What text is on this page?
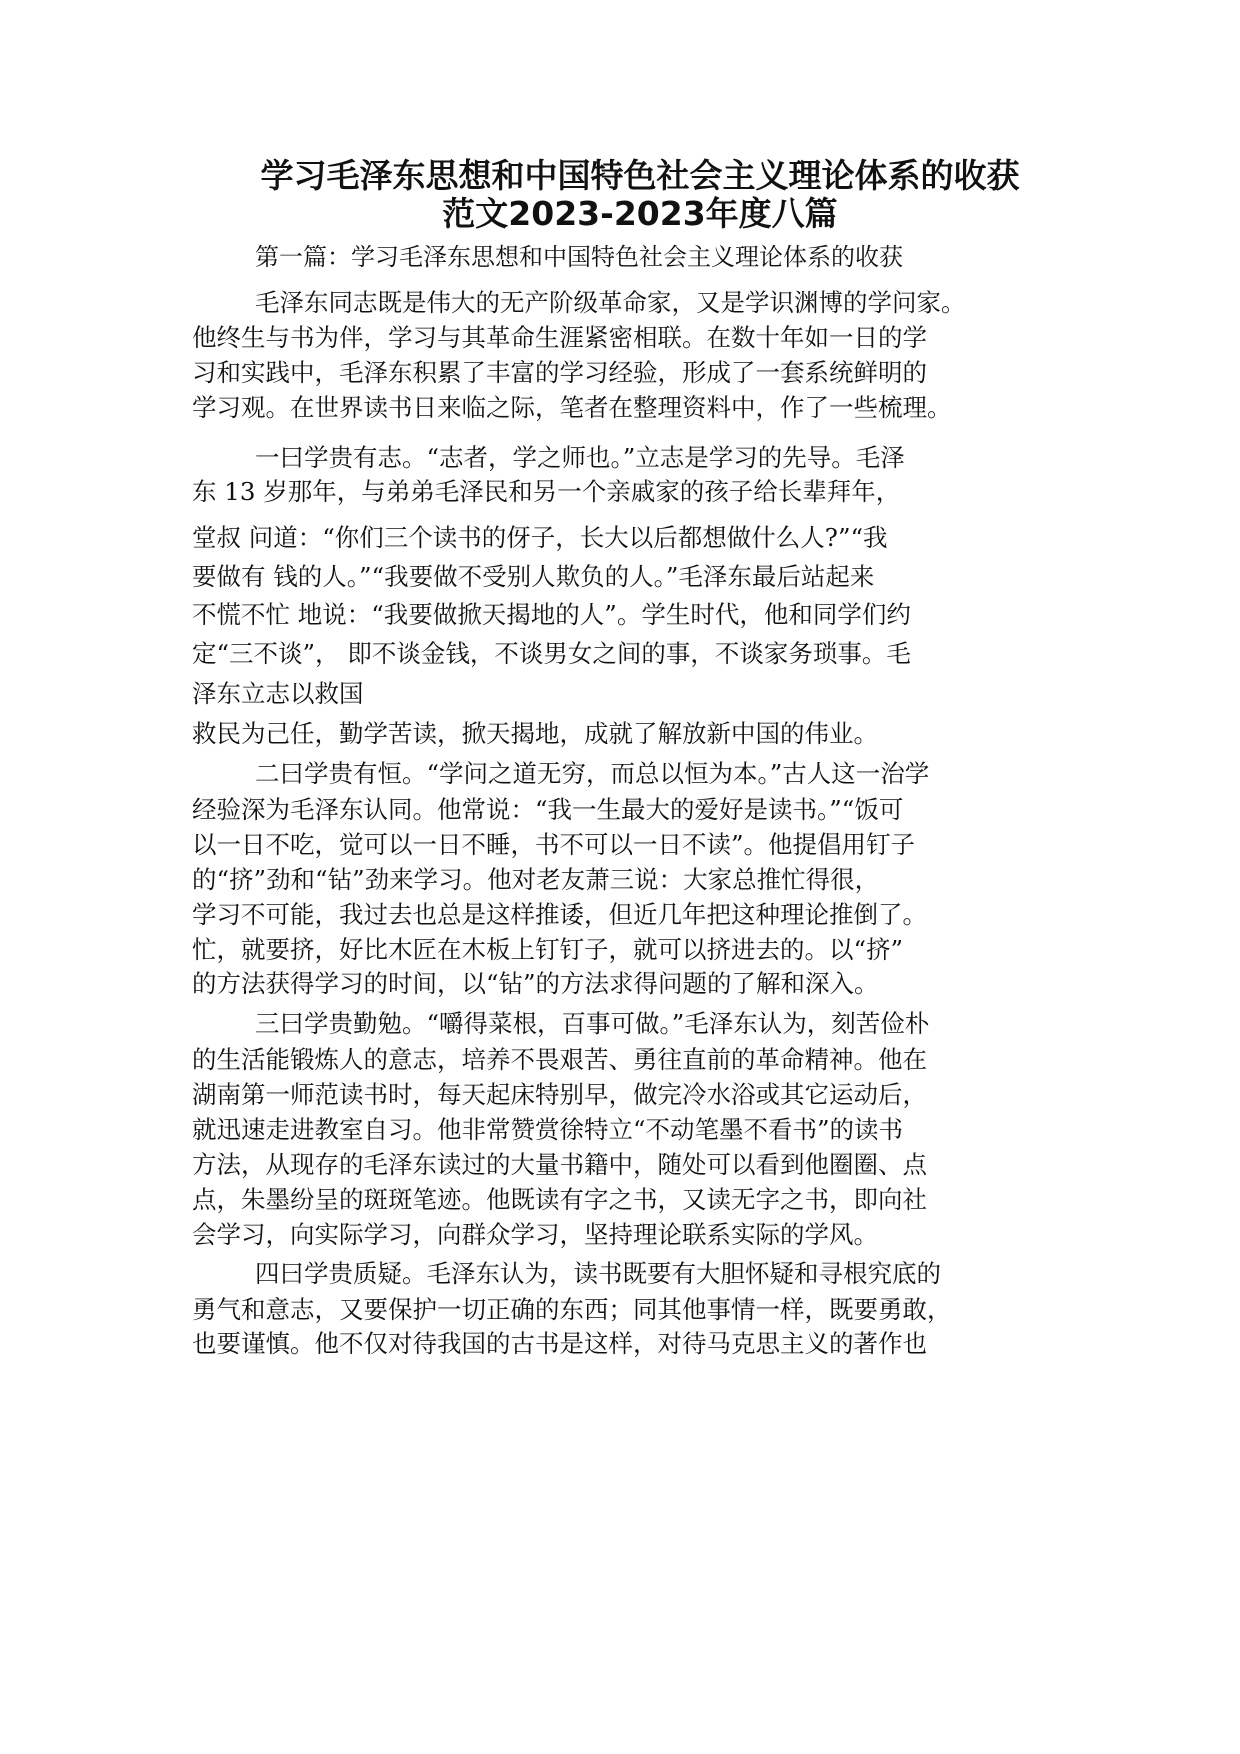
学习毛泽东思想和中国特色社会主义理论体系的收获
范文2023-2023年度八篇
第一篇：学习毛泽东思想和中国特色社会主义理论体系的收获
毛泽东同志既是伟大的无产阶级革命家，又是学识渊博的学问家。
他终生与书为伴，学习与其革命生涯紧密相联。在数十年如一日的学
习和实践中，毛泽东积累了丰富的学习经验，形成了一套系统鲜明的
学习观。在世界读书日来临之际，笔者在整理资料中，作了一些梳理。
一曰学贵有志。“志者，学之师也。”立志是学习的先导。毛泽
东 13 岁那年，与弟弟毛泽民和另一个亲戚家的孩子给长辈拜年，
堂叔 问道：“你们三个读书的伢子，长大以后都想做什么人?”“我
要做有 钱的人。”“我要做不受别人欺负的人。”毛泽东最后站起来
不慌不忙 地说：“我要做掀天揭地的人”。学生时代，他和同学们约
定“三不谈”， 即不谈金钱，不谈男女之间的事，不谈家务琐事。毛
泽东立志以救国
救民为己任，勤学苦读，掀天揭地，成就了解放新中国的伟业。
二曰学贵有恒。“学问之道无穷，而总以恒为本。”古人这一治学
经验深为毛泽东认同。他常说：“我一生最大的爱好是读书。”“饭可
以一日不吃，觉可以一日不睡，书不可以一日不读”。他提倡用钉子
的“挤”劲和“钻”劲来学习。他对老友萧三说：大家总推忙得很，
学习不可能，我过去也总是这样推诿，但近几年把这种理论推倒了。
忙，就要挤，好比木匠在木板上钉钉子，就可以挤进去的。以“挤”
的方法获得学习的时间，以“钻”的方法求得问题的了解和深入。
三曰学贵勤勉。“嚼得菜根，百事可做。”毛泽东认为，刻苦俭朴
的生活能锻炼人的意志，培养不畏艰苦、勇往直前的革命精神。他在
湖南第一师范读书时，每天起床特别早，做完冷水浴或其它运动后，
就迅速走进教室自习。他非常赞赏徐特立“不动笔墨不看书”的读书
方法，从现存的毛泽东读过的大量书籍中，随处可以看到他圈圈、点
点，朱墨纷呈的斑斑笔迹。他既读有字之书，又读无字之书，即向社
会学习，向实际学习，向群众学习，坚持理论联系实际的学风。
四曰学贵质疑。毛泽东认为，读书既要有大胆怀疑和寻根究底的
勇气和意志，又要保护一切正确的东西；同其他事情一样，既要勇敢，
也要谨慎。他不仅对待我国的古书是这样，对待马克思主义的著作也
